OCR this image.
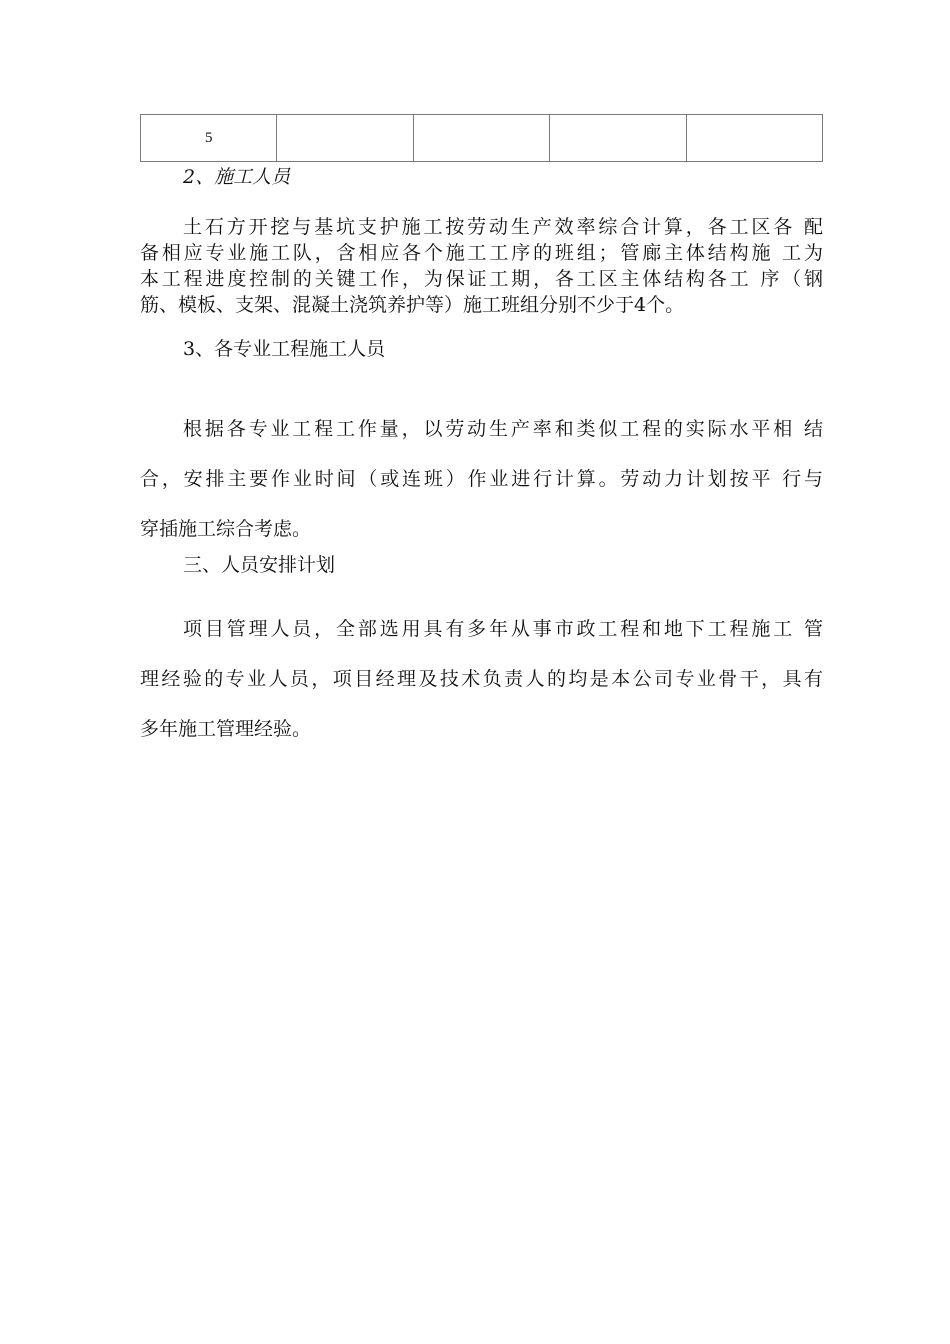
5				

2、施工人员

土石方开挖与基坑支护施工按劳动生产效率综合计算，各工区各 配
备相应专业施工队，含相应各个施工工序的班组；管廊主体结构施 工为
本工程进度控制的关键工作，为保证工期，各工区主体结构各工 序（钢
筋、模板、支架、混凝土浇筑养护等）施工班组分别不少于4个。

3、各专业工程施工人员

根据各专业工程工作量，以劳动生产率和类似工程的实际水平相 结
合，安排主要作业时间（或连班）作业进行计算。劳动力计划按平 行与
穿插施工综合考虑。

三、人员安排计划

项目管理人员，全部选用具有多年从事市政工程和地下工程施工 管
理经验的专业人员，项目经理及技术负责人的均是本公司专业骨干，具有
多年施工管理经验。
